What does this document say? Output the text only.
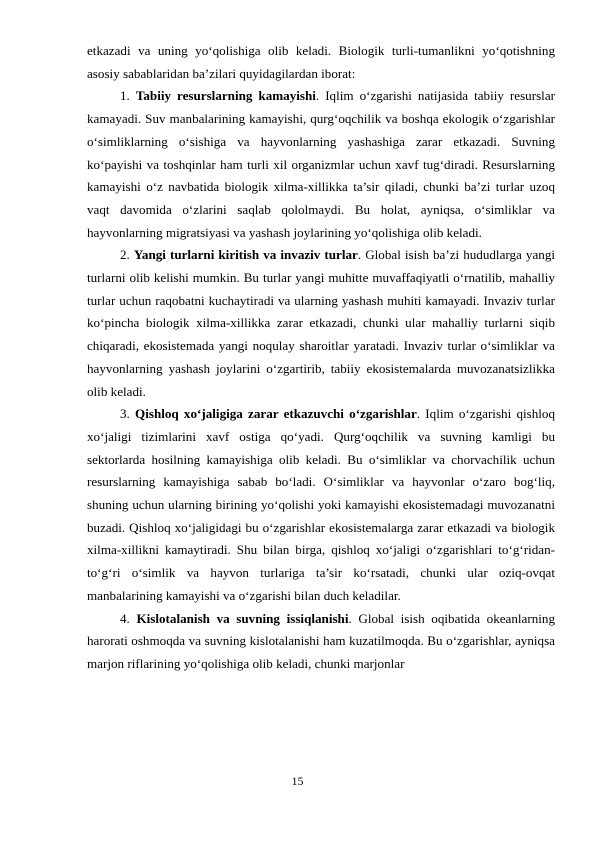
etkazadi va uning yo‘qolishiga olib keladi. Biologik turli-tumanlikni yo‘qotishning asosiy sabablaridan ba’zilari quyidagilardan iborat:

1. Tabiiy resurslarning kamayishi. Iqlim o‘zgarishi natijasida tabiiy resurslar kamayadi. Suv manbalarining kamayishi, qurg‘oqchilik va boshqa ekologik o‘zgarishlar o‘simliklarning o‘sishiga va hayvonlarning yashashiga zarar etkazadi. Suvning ko‘payishi va toshqinlar ham turli xil organizmlar uchun xavf tug‘diradi. Resurslarning kamayishi o‘z navbatida biologik xilma-xillikka ta’sir qiladi, chunki ba’zi turlar uzoq vaqt davomida o‘zlarini saqlab qololmaydi. Bu holat, ayniqsa, o‘simliklar va hayvonlarning migratsiyasi va yashash joylarining yo‘qolishiga olib keladi.

2. Yangi turlarni kiritish va invaziv turlar. Global isish ba’zi hududlarga yangi turlarni olib kelishi mumkin. Bu turlar yangi muhitte muvaffaqiyatli o‘rnatilib, mahalliy turlar uchun raqobatni kuchaytiradi va ularning yashash muhiti kamayadi. Invaziv turlar ko‘pincha biologik xilma-xillikka zarar etkazadi, chunki ular mahalliy turlarni siqib chiqaradi, ekosistemada yangi noqulay sharoitlar yaratadi. Invaziv turlar o‘simliklar va hayvonlarning yashash joylarini o‘zgartirib, tabiiy ekosistemalarda muvozanatsizlikka olib keladi.

3. Qishloq xo‘jaligiga zarar etkazuvchi o‘zgarishlar. Iqlim o‘zgarishi qishloq xo‘jaligi tizimlarini xavf ostiga qo‘yadi. Qurg‘oqchilik va suvning kamligi bu sektorlarda hosilning kamayishiga olib keladi. Bu o‘simliklar va chorvachilik uchun resurslarning kamayishiga sabab bo‘ladi. O‘simliklar va hayvonlar o‘zaro bog‘liq, shuning uchun ularning birining yo‘qolishi yoki kamayishi ekosistemadagi muvozanatni buzadi. Qishloq xo‘jaligidagi bu o‘zgarishlar ekosistemalarga zarar etkazadi va biologik xilma-xillikni kamaytiradi. Shu bilan birga, qishloq xo‘jaligi o‘zgarishlari to‘g‘ridan-to‘g‘ri o‘simlik va hayvon turlariga ta’sir ko‘rsatadi, chunki ular oziq-ovqat manbalarining kamayishi va o‘zgarishi bilan duch keladilar.

4. Kislotalanish va suvning issiqlanishi. Global isish oqibatida okeanlarning harorati oshmoqda va suvning kislotalanishi ham kuzatilmoqda. Bu o‘zgarishlar, ayniqsa marjon riflarining yo‘qolishiga olib keladi, chunki marjonlar

15
